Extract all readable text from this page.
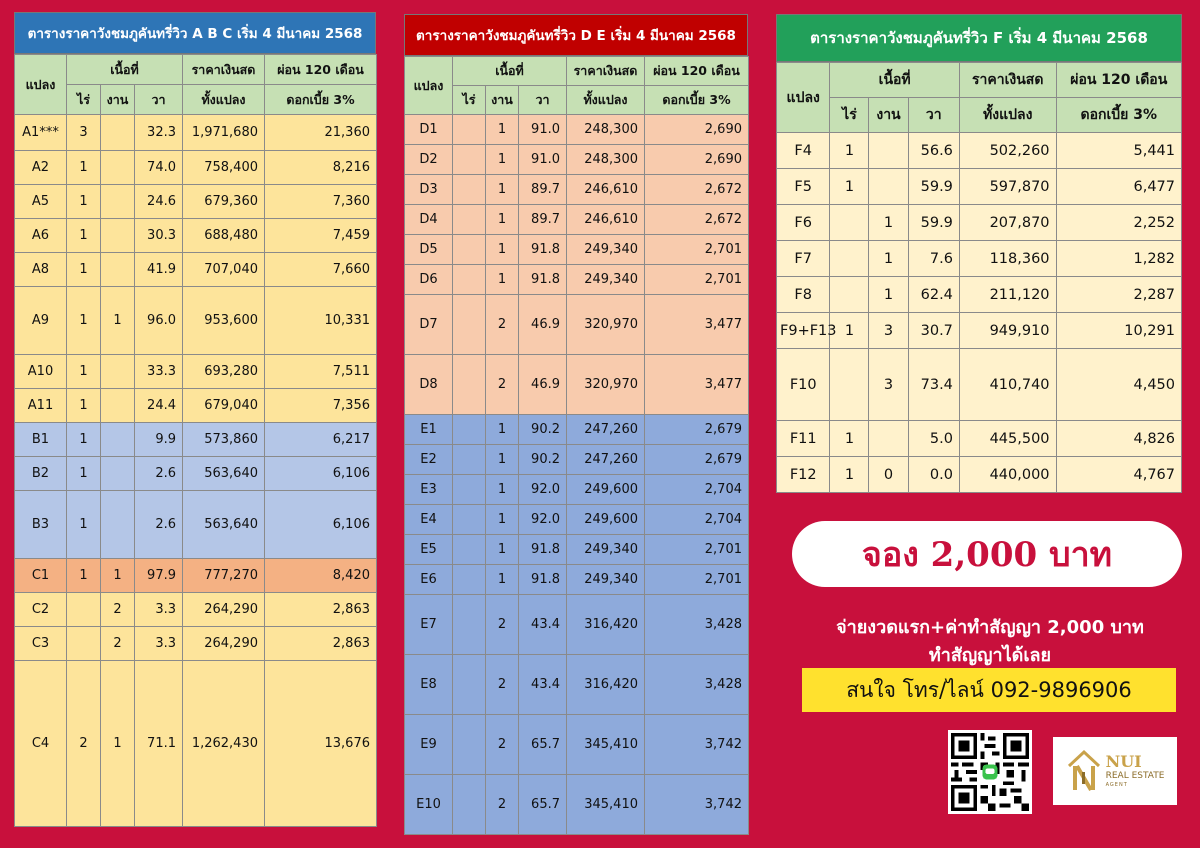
ตารางราคาวังชมภูคันทรี่วิว A B C เริ่ม 4 มีนาคม 2568
แปลง	เนื้อที่			ราคาเงินสด	ผ่อน 120 เดือน
	ไร่	งาน	วา	ทั้งแปลง	ดอกเบี้ย 3%
A1***	3		32.3	1,971,680	21,360
A2	1		74.0	758,400	8,216
A5	1		24.6	679,360	7,360
A6	1		30.3	688,480	7,459
A8	1		41.9	707,040	7,660
A9	1	1	96.0	953,600	10,331
A10	1		33.3	693,280	7,511
A11	1		24.4	679,040	7,356
B1	1		9.9	573,860	6,217
B2	1		2.6	563,640	6,106
B3	1		2.6	563,640	6,106
C1	1	1	97.9	777,270	8,420
C2		2	3.3	264,290	2,863
C3		2	3.3	264,290	2,863
C4	2	1	71.1	1,262,430	13,676
ตารางราคาวังชมภูคันทรี่วิว D E เริ่ม 4 มีนาคม 2568
แปลง	เนื้อที่			ราคาเงินสด	ผ่อน 120 เดือน
	ไร่	งาน	วา	ทั้งแปลง	ดอกเบี้ย 3%
D1		1	91.0	248,300	2,690
D2		1	91.0	248,300	2,690
D3		1	89.7	246,610	2,672
D4		1	89.7	246,610	2,672
D5		1	91.8	249,340	2,701
D6		1	91.8	249,340	2,701
D7		2	46.9	320,970	3,477
D8		2	46.9	320,970	3,477
E1		1	90.2	247,260	2,679
E2		1	90.2	247,260	2,679
E3		1	92.0	249,600	2,704
E4		1	92.0	249,600	2,704
E5		1	91.8	249,340	2,701
E6		1	91.8	249,340	2,701
E7		2	43.4	316,420	3,428
E8		2	43.4	316,420	3,428
E9		2	65.7	345,410	3,742
E10		2	65.7	345,410	3,742
ตารางราคาวังชมภูคันทรี่วิว F เริ่ม 4 มีนาคม 2568
แปลง	เนื้อที่			ราคาเงินสด	ผ่อน 120 เดือน
	ไร่	งาน	วา	ทั้งแปลง	ดอกเบี้ย 3%
F4	1		56.6	502,260	5,441
F5	1		59.9	597,870	6,477
F6		1	59.9	207,870	2,252
F7		1	7.6	118,360	1,282
F8		1	62.4	211,120	2,287
F9+F13	1	3	30.7	949,910	10,291
F10		3	73.4	410,740	4,450
F11	1		5.0	445,500	4,826
F12	1	0	0.0	440,000	4,767
จอง 2,000 บาท
จ่ายงวดแรก+ค่าทำสัญญา 2,000 บาท
ทำสัญญาได้เลย
สนใจ โทร/ไลน์ 092-9896906
NUI
REAL ESTATE
AGENT
